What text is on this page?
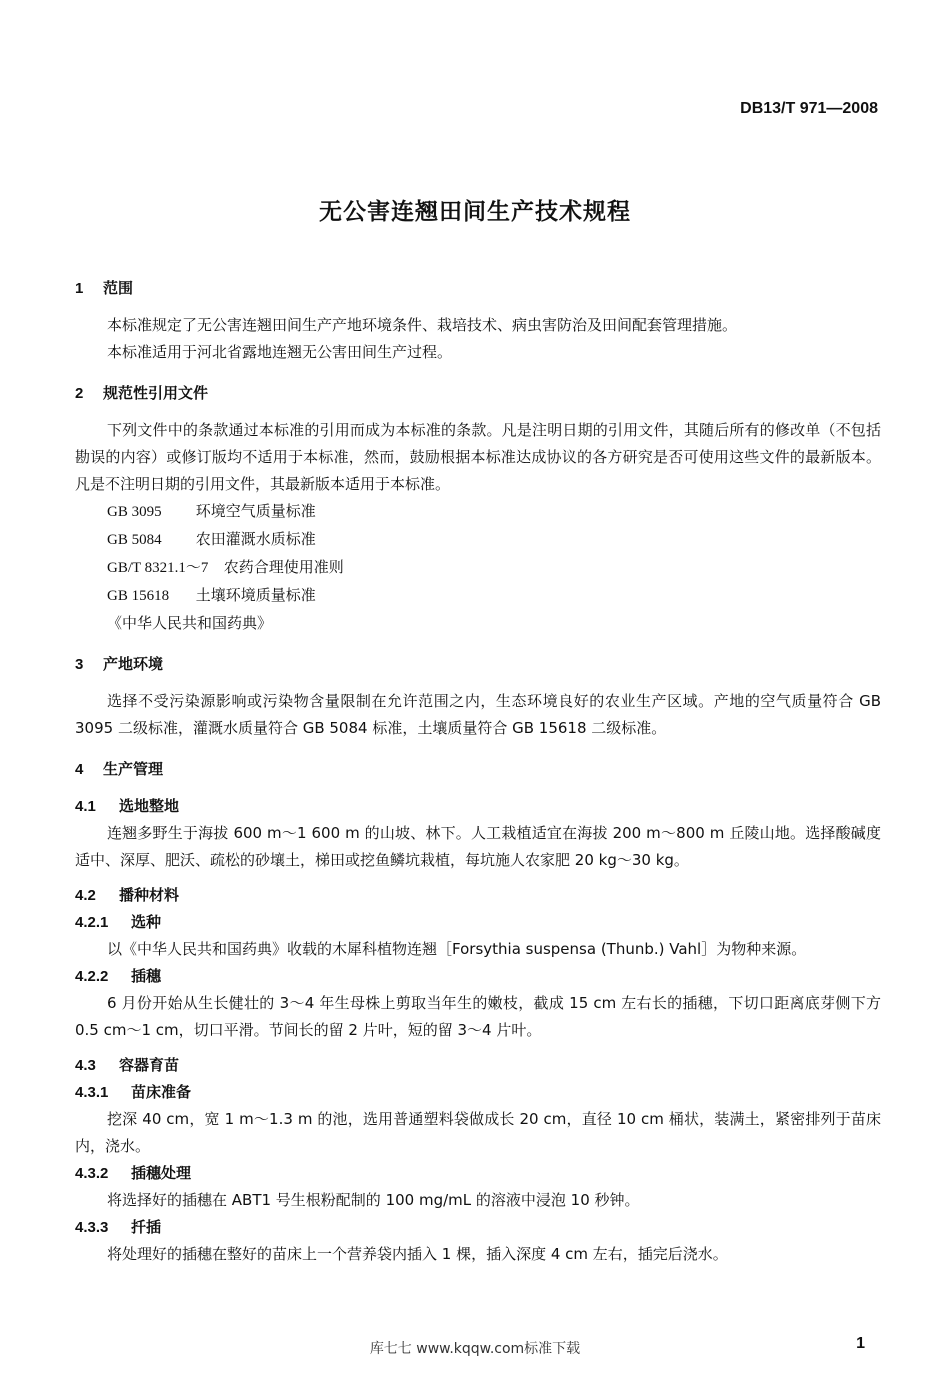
DB13/T 971—2008
无公害连翘田间生产技术规程
1 范围

本标准规定了无公害连翘田间生产产地环境条件、栽培技术、病虫害防治及田间配套管理措施。

本标准适用于河北省露地连翘无公害田间生产过程。

2 规范性引用文件

下列文件中的条款通过本标准的引用而成为本标准的条款。凡是注明日期的引用文件，其随后所有的修改单（不包括勘误的内容）或修订版均不适用于本标准，然而，鼓励根据本标准达成协议的各方研究是否可使用这些文件的最新版本。凡是不注明日期的引用文件，其最新版本适用于本标准。

GB 3095 环境空气质量标准
GB 5084 农田灌溉水质标准
GB/T 8321.1～7 农药合理使用准则
GB 15618 土壤环境质量标准
《中华人民共和国药典》
3 产地环境

选择不受污染源影响或污染物含量限制在允许范围之内，生态环境良好的农业生产区域。产地的空气质量符合 GB 3095 二级标准，灌溉水质量符合 GB 5084 标准，土壤质量符合 GB 15618 二级标准。

4 生产管理
4.1 选地整地

连翘多野生于海拔 600 m～1 600 m 的山坡、林下。人工栽植适宜在海拔 200 m～800 m 丘陵山地。选择酸碱度适中、深厚、肥沃、疏松的砂壤土，梯田或挖鱼鳞坑栽植，每坑施人农家肥 20 kg～30 kg。

4.2 播种材料
4.2.1 选种

以《中华人民共和国药典》收载的木犀科植物连翘［Forsythia suspensa (Thunb.) Vahl］为物种来源。

4.2.2 插穗

6 月份开始从生长健壮的 3～4 年生母株上剪取当年生的嫩枝，截成 15 cm 左右长的插穗，下切口距离底芽侧下方 0.5 cm～1 cm，切口平滑。节间长的留 2 片叶，短的留 3～4 片叶。

4.3 容器育苗
4.3.1 苗床准备

挖深 40 cm，宽 1 m～1.3 m 的池，选用普通塑料袋做成长 20 cm，直径 10 cm 桶状，装满土，紧密排列于苗床内，浇水。

4.3.2 插穗处理

将选择好的插穗在 ABT1 号生根粉配制的 100 mg/mL 的溶液中浸泡 10 秒钟。

4.3.3 扦插

将处理好的插穗在整好的苗床上一个营养袋内插入 1 棵，插入深度 4 cm 左右，插完后浇水。

库七七 www.kqqw.com标准下载	1
